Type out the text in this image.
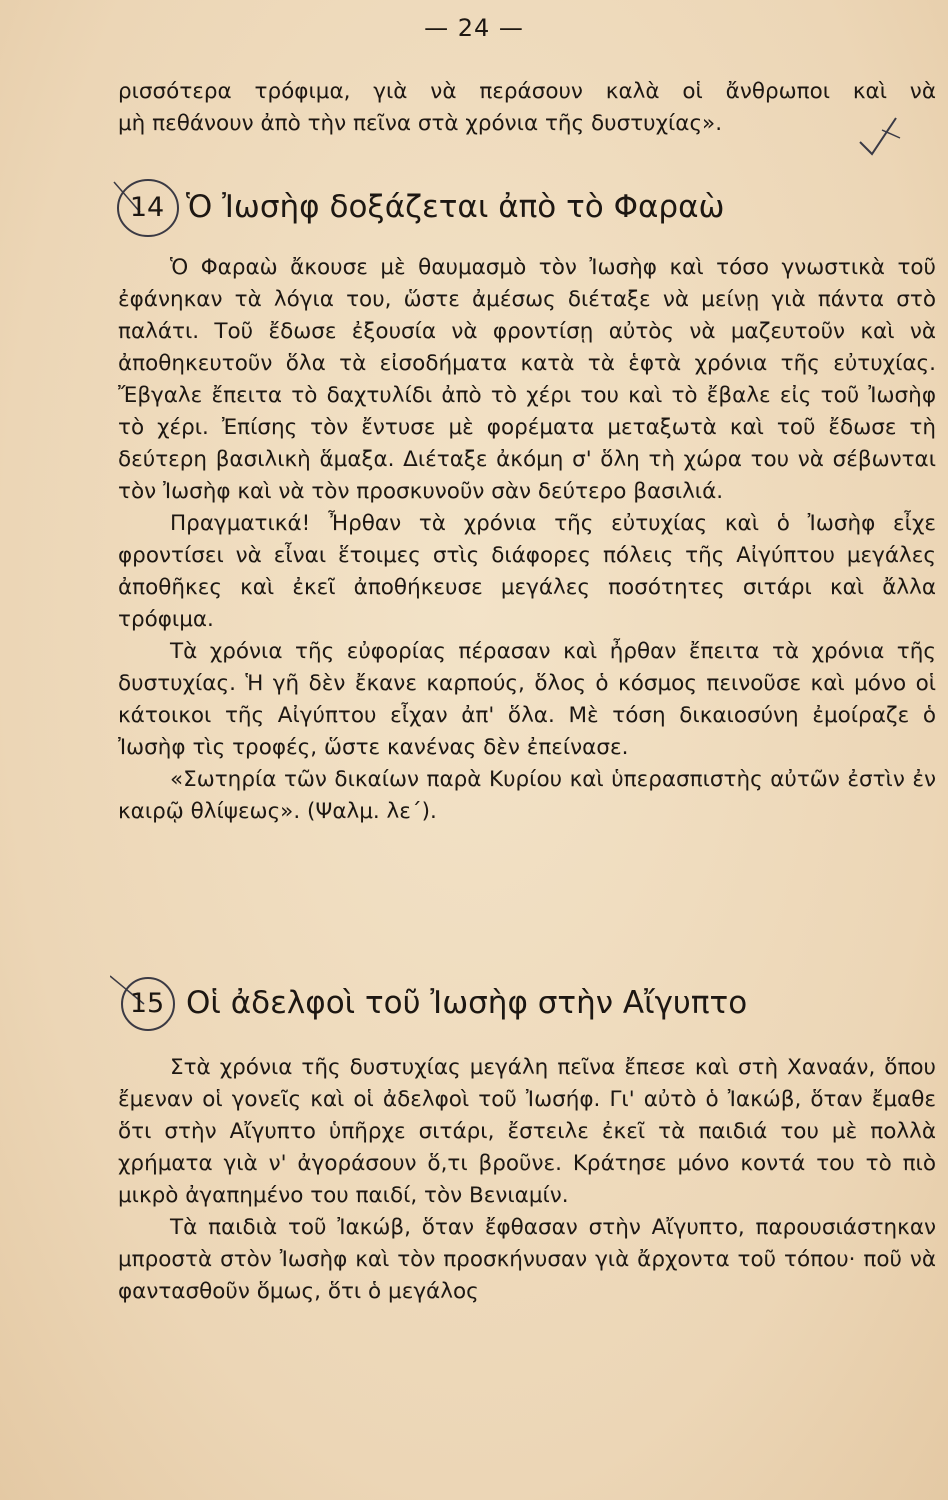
— 24 —

ρισσότερα τρόφιμα, γιὰ νὰ περάσουν καλὰ οἱ ἄνθρωποι καὶ νὰ

μὴ πεθάνουν ἀπὸ τὴν πεῖνα στὰ χρόνια τῆς δυστυχίας».

14 Ὁ Ἰωσὴφ δοξάζεται ἀπὸ τὸ Φαραὼ

Ὁ Φαραὼ ἄκουσε μὲ θαυμασμὸ τὸν Ἰωσὴφ καὶ τόσο γνωστικὰ τοῦ ἐφάνηκαν τὰ λόγια του, ὥστε ἀμέσως διέταξε νὰ μείνῃ γιὰ πάντα στὸ παλάτι. Τοῦ ἔδωσε ἐξουσία νὰ φροντίσῃ αὐτὸς νὰ μαζευτοῦν καὶ νὰ ἀποθηκευτοῦν ὅλα τὰ εἰσοδήματα κατὰ τὰ ἑφτὰ χρόνια τῆς εὐτυχίας. Ἔβγαλε ἔπειτα τὸ δαχτυλίδι ἀπὸ τὸ χέρι του καὶ τὸ ἔβαλε εἰς τοῦ Ἰωσὴφ τὸ χέρι. Ἐπίσης τὸν ἔντυσε μὲ φορέματα μεταξωτὰ καὶ τοῦ ἔδωσε τὴ δεύτερη βασιλικὴ ἅμαξα. Διέταξε ἀκόμη σ' ὅλη τὴ χώρα του νὰ σέβωνται τὸν Ἰωσὴφ καὶ νὰ τὸν προσκυνοῦν σὰν δεύτερο βασιλιά.

Πραγματικά! Ἦρθαν τὰ χρόνια τῆς εὐτυχίας καὶ ὁ Ἰωσὴφ εἶχε φροντίσει νὰ εἶναι ἕτοιμες στὶς διάφορες πόλεις τῆς Αἰγύπτου μεγάλες ἀποθῆκες καὶ ἐκεῖ ἀποθήκευσε μεγάλες ποσότητες σιτάρι καὶ ἄλλα τρόφιμα.

Τὰ χρόνια τῆς εὐφορίας πέρασαν καὶ ἦρθαν ἔπειτα τὰ χρόνια τῆς δυστυχίας. Ἡ γῆ δὲν ἔκανε καρπούς, ὅλος ὁ κόσμος πεινοῦσε καὶ μόνο οἱ κάτοικοι τῆς Αἰγύπτου εἶχαν ἀπ' ὅλα. Μὲ τόση δικαιοσύνη ἐμοίραζε ὁ Ἰωσὴφ τὶς τροφές, ὥστε κανένας δὲν ἐπείνασε.

«Σωτηρία τῶν δικαίων παρὰ Κυρίου καὶ ὑπερασπιστὴς αὐτῶν ἐστὶν ἐν καιρῷ θλίψεως». (Ψαλμ. λε΄).

15 Οἱ ἀδελφοὶ τοῦ Ἰωσὴφ στὴν Αἴγυπτο

Στὰ χρόνια τῆς δυστυχίας μεγάλη πεῖνα ἔπεσε καὶ στὴ Χαναάν, ὅπου ἔμεναν οἱ γονεῖς καὶ οἱ ἀδελφοὶ τοῦ Ἰωσήφ. Γι' αὐτὸ ὁ Ἰακώβ, ὅταν ἔμαθε ὅτι στὴν Αἴγυπτο ὑπῆρχε σιτάρι, ἔστειλε ἐκεῖ τὰ παιδιά του μὲ πολλὰ χρήματα γιὰ ν' ἀγοράσουν ὅ,τι βροῦνε. Κράτησε μόνο κοντά του τὸ πιὸ μικρὸ ἀγαπημένο του παιδί, τὸν Βενιαμίν.

Τὰ παιδιὰ τοῦ Ἰακώβ, ὅταν ἔφθασαν στὴν Αἴγυπτο, παρουσιάστηκαν μπροστὰ στὸν Ἰωσὴφ καὶ τὸν προσκήνυσαν γιὰ ἄρχοντα τοῦ τόπου· ποῦ νὰ φαντασθοῦν ὅμως, ὅτι ὁ μεγάλος
